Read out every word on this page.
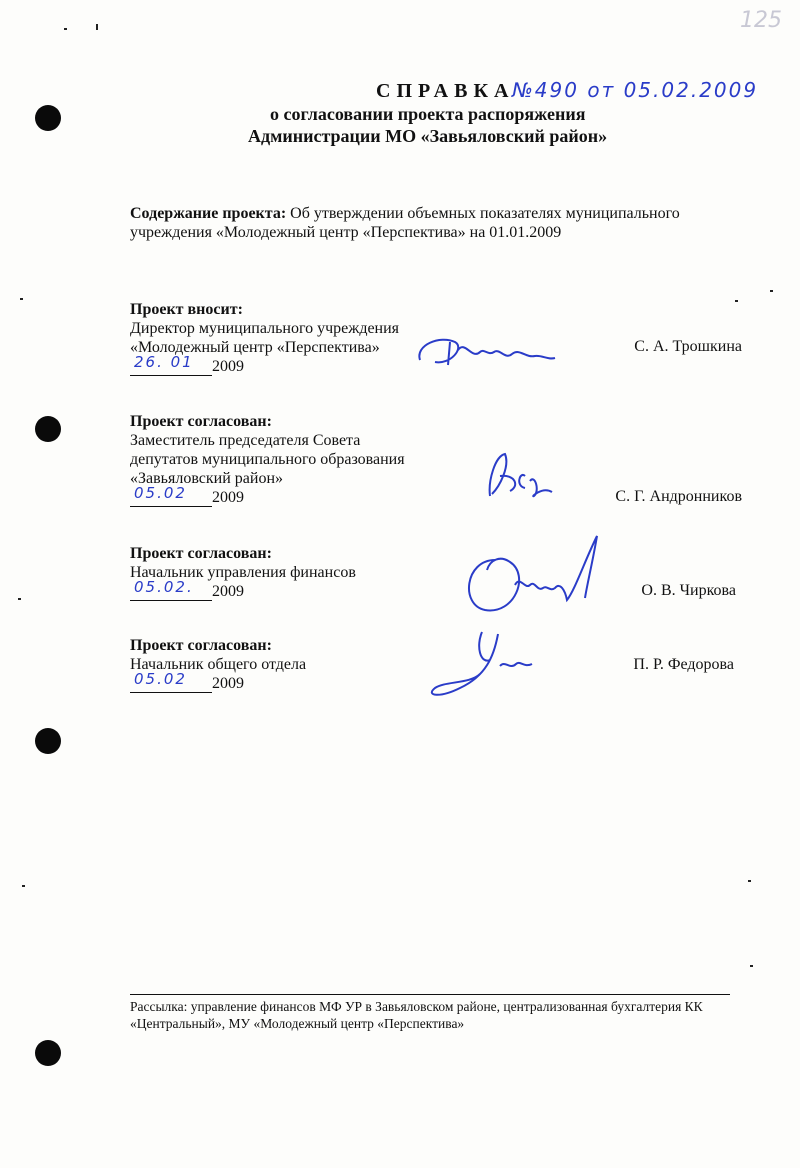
125
СПРАВКА
№490 от 05.02.2009
о согласовании проекта распоряжения
Администрации МО «Завьяловский район»
Содержание проекта: Об утверждении объемных показателях муниципального
учреждения «Молодежный центр «Перспектива» на 01.01.2009
Проект вносит:
Директор муниципального учреждения
«Молодежный центр «Перспектива»
26. 01 2009
С. А. Трошкина
Проект согласован:
Заместитель председателя Совета
депутатов муниципального образования
«Завьяловский район»
05.02 2009	С. Г. Андронников
Проект согласован:
Начальник управления финансов
05.02. 2009	О. В. Чиркова
Проект согласован:
Начальник общего отдела
05.02 2009
П. Р. Федорова
Рассылка: управление финансов МФ УР в Завьяловском районе, централизованная бухгалтерия КК
«Центральный», МУ «Молодежный центр «Перспектива»
